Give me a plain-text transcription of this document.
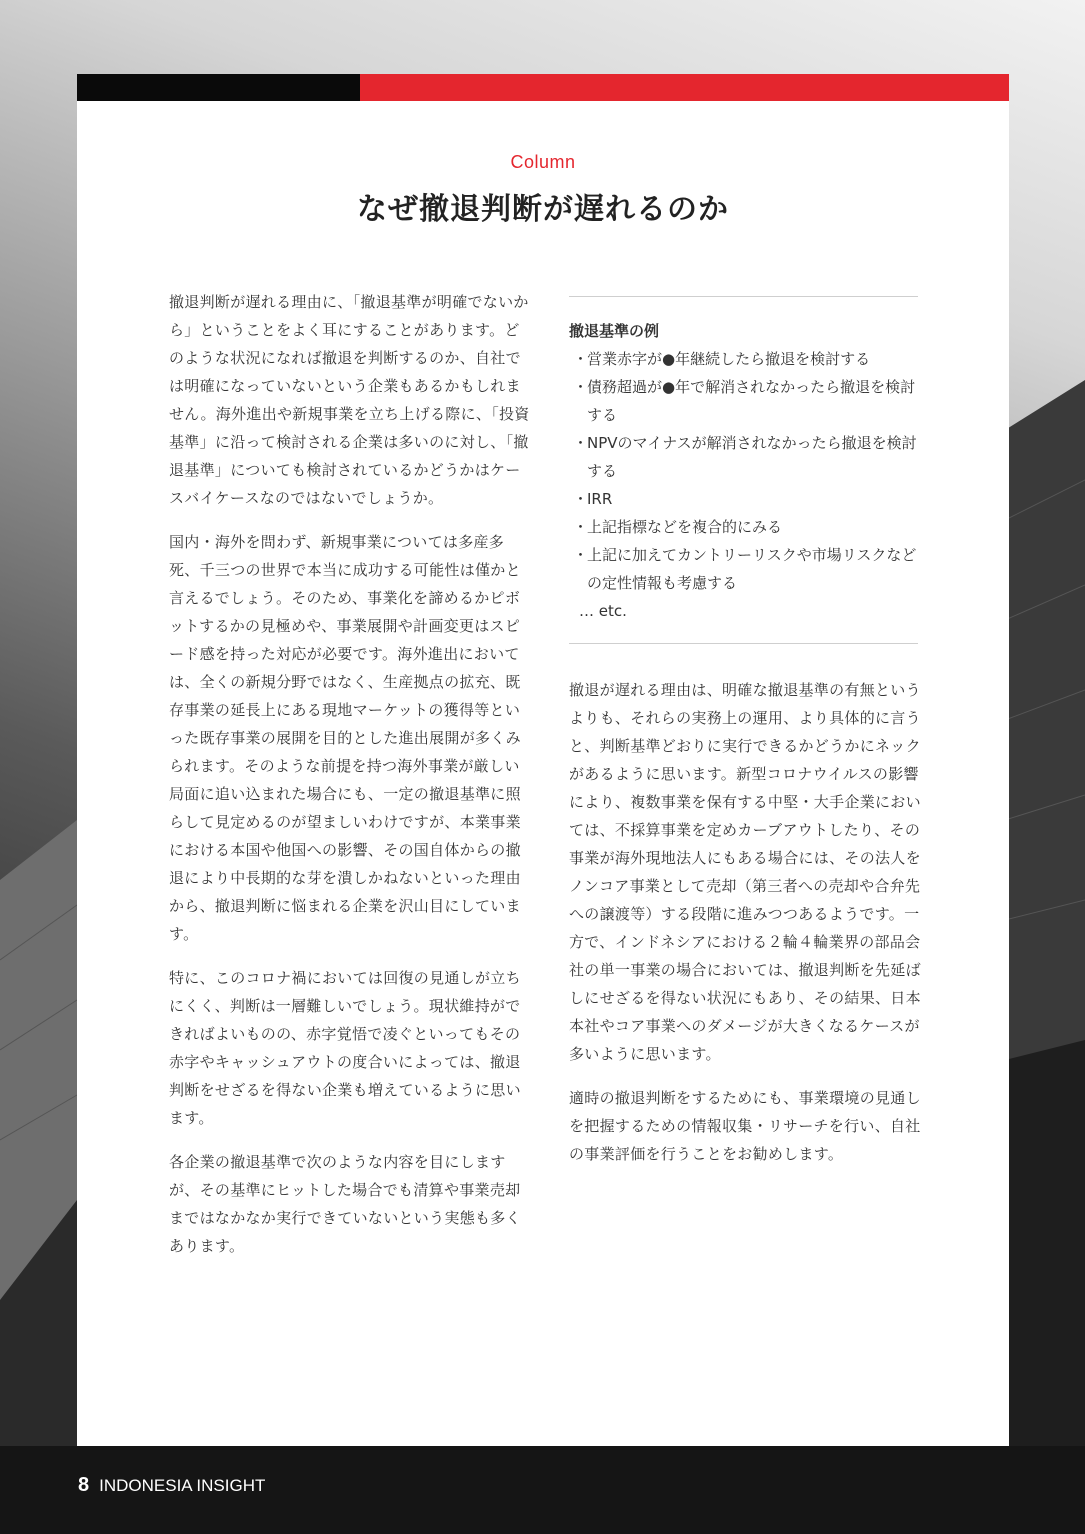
Column
なぜ撤退判断が遅れるのか

撤退判断が遅れる理由に、「撤退基準が明確でないから」ということをよく耳にすることがあります。どのような状況になれば撤退を判断するのか、自社では明確になっていないという企業もあるかもしれません。海外進出や新規事業を立ち上げる際に、「投資基準」に沿って検討される企業は多いのに対し、「撤退基準」についても検討されているかどうかはケースバイケースなのではないでしょうか。

国内・海外を問わず、新規事業については多産多死、千三つの世界で本当に成功する可能性は僅かと言えるでしょう。そのため、事業化を諦めるかピボットするかの見極めや、事業展開や計画変更はスピード感を持った対応が必要です。海外進出においては、全くの新規分野ではなく、生産拠点の拡充、既存事業の延長上にある現地マーケットの獲得等といった既存事業の展開を目的とした進出展開が多くみられます。そのような前提を持つ海外事業が厳しい局面に追い込まれた場合にも、一定の撤退基準に照らして見定めるのが望ましいわけですが、本業事業における本国や他国への影響、その国自体からの撤退により中長期的な芽を潰しかねないといった理由から、撤退判断に悩まれる企業を沢山目にしています。

特に、このコロナ禍においては回復の見通しが立ちにくく、判断は一層難しいでしょう。現状維持ができればよいものの、赤字覚悟で凌ぐといってもその赤字やキャッシュアウトの度合いによっては、撤退判断をせざるを得ない企業も増えているように思います。

各企業の撤退基準で次のような内容を目にしますが、その基準にヒットした場合でも清算や事業売却まではなかなか実行できていないという実態も多くあります。

撤退基準の例
・
営業赤字が●年継続したら撤退を検討する
・
債務超過が●年で解消されなかったら撤退を検討する
・
NPVのマイナスが解消されなかったら撤退を検討する
・
IRR
・
上記指標などを複合的にみる
・
上記に加えてカントリーリスクや市場リスクなどの定性情報も考慮する
… etc.

撤退が遅れる理由は、明確な撤退基準の有無というよりも、それらの実務上の運用、より具体的に言うと、判断基準どおりに実行できるかどうかにネックがあるように思います。新型コロナウイルスの影響により、複数事業を保有する中堅・大手企業においては、不採算事業を定めカーブアウトしたり、その事業が海外現地法人にもある場合には、その法人をノンコア事業として売却（第三者への売却や合弁先への譲渡等）する段階に進みつつあるようです。一方で、インドネシアにおける２輪４輪業界の部品会社の単一事業の場合においては、撤退判断を先延ばしにせざるを得ない状況にもあり、その結果、日本本社やコア事業へのダメージが大きくなるケースが多いように思います。

適時の撤退判断をするためにも、事業環境の見通しを把握するための情報収集・リサーチを行い、自社の事業評価を行うことをお勧めします。

8 INDONESIA INSIGHT
